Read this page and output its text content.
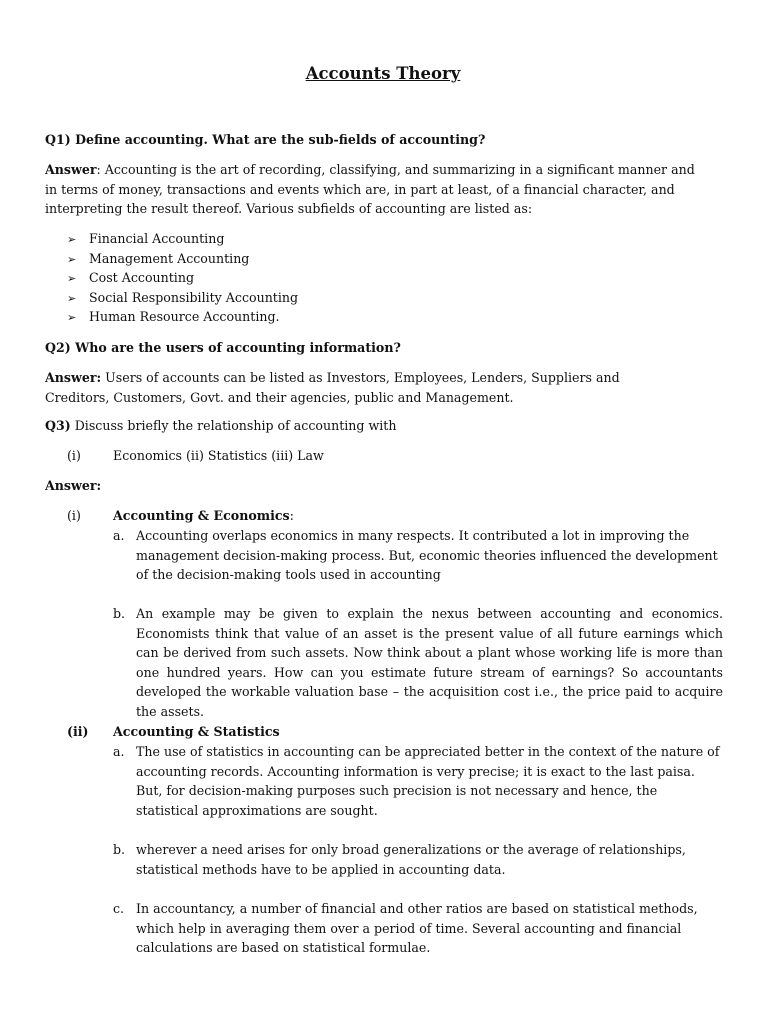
Accounts Theory
Q1) Define accounting. What are the sub-fields of accounting?
Answer: Accounting is the art of recording, classifying, and summarizing in a significant manner and in terms of money, transactions and events which are, in part at least, of a financial character, and interpreting the result thereof. Various subfields of accounting are listed as:
➢ Financial Accounting
➢ Management Accounting
➢ Cost Accounting
➢ Social Responsibility Accounting
➢ Human Resource Accounting.
Q2) Who are the users of accounting information?
Answer: Users of accounts can be listed as Investors, Employees, Lenders, Suppliers and Creditors, Customers, Govt. and their agencies, public and Management.
Q3) Discuss briefly the relationship of accounting with
(i)	Economics (ii) Statistics (iii) Law
Answer:
(i)	Accounting & Economics:
a. Accounting overlaps economics in many respects. It contributed a lot in improving the management decision-making process. But, economic theories influenced the development of the decision-making tools used in accounting
b. An example may be given to explain the nexus between accounting and economics. Economists think that value of an asset is the present value of all future earnings which can be derived from such assets. Now think about a plant whose working life is more than one hundred years. How can you estimate future stream of earnings? So accountants developed the workable valuation base – the acquisition cost i.e., the price paid to acquire the assets.
(ii) Accounting & Statistics
a. The use of statistics in accounting can be appreciated better in the context of the nature of accounting records. Accounting information is very precise; it is exact to the last paisa. But, for decision-making purposes such precision is not necessary and hence, the statistical approximations are sought.
b. wherever a need arises for only broad generalizations or the average of relationships, statistical methods have to be applied in accounting data.
c. In accountancy, a number of financial and other ratios are based on statistical methods, which help in averaging them over a period of time. Several accounting and financial calculations are based on statistical formulae.
